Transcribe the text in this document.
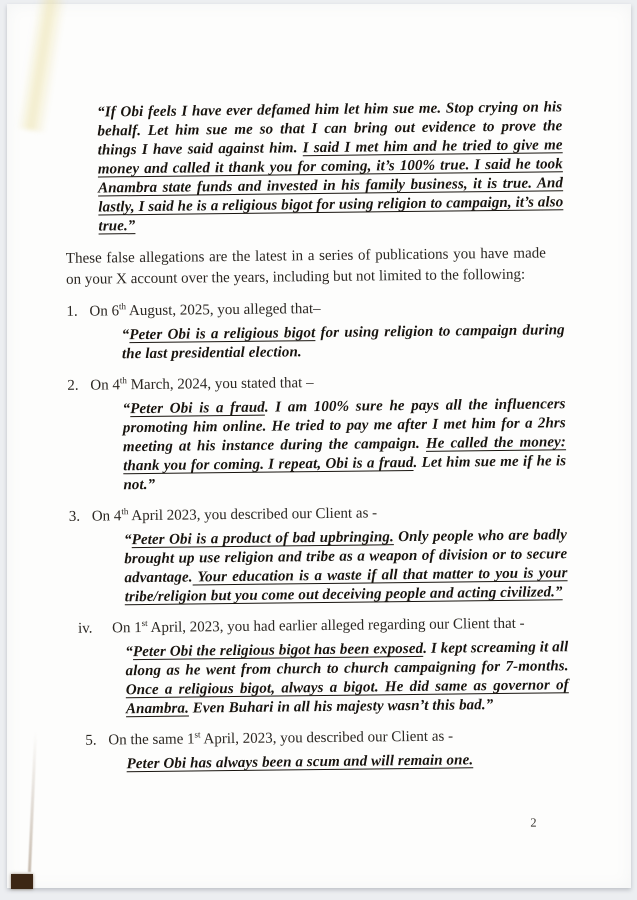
“If Obi feels I have ever defamed him let him sue me. Stop crying on his behalf. Let him sue me so that I can bring out evidence to prove the things I have said against him. I said I met him and he tried to give me money and called it thank you for coming, it’s 100% true. I said he took Anambra state funds and invested in his family business, it is true. And lastly, I said he is a religious bigot for using religion to campaign, it’s also true.”

These false allegations are the latest in a series of publications you have made on your X account over the years, including but not limited to the following:

1. On 6th August, 2025, you alleged that–
“Peter Obi is a religious bigot for using religion to campaign during the last presidential election.
2. On 4th March, 2024, you stated that –
“Peter Obi is a fraud. I am 100% sure he pays all the influencers promoting him online. He tried to pay me after I met him for a 2hrs meeting at his instance during the campaign. He called the money: thank you for coming. I repeat, Obi is a fraud. Let him sue me if he is not.”
3. On 4th April 2023, you described our Client as -
“Peter Obi is a product of bad upbringing. Only people who are badly brought up use religion and tribe as a weapon of division or to secure advantage. Your education is a waste if all that matter to you is your tribe/religion but you come out deceiving people and acting civilized.”
iv.	On 1st April, 2023, you had earlier alleged regarding our Client that -
“Peter Obi the religious bigot has been exposed. I kept screaming it all along as he went from church to church campaigning for 7-months. Once a religious bigot, always a bigot. He did same as governor of Anambra. Even Buhari in all his majesty wasn’t this bad.”
5. On the same 1st April, 2023, you described our Client as -
Peter Obi has always been a scum and will remain one.
2
